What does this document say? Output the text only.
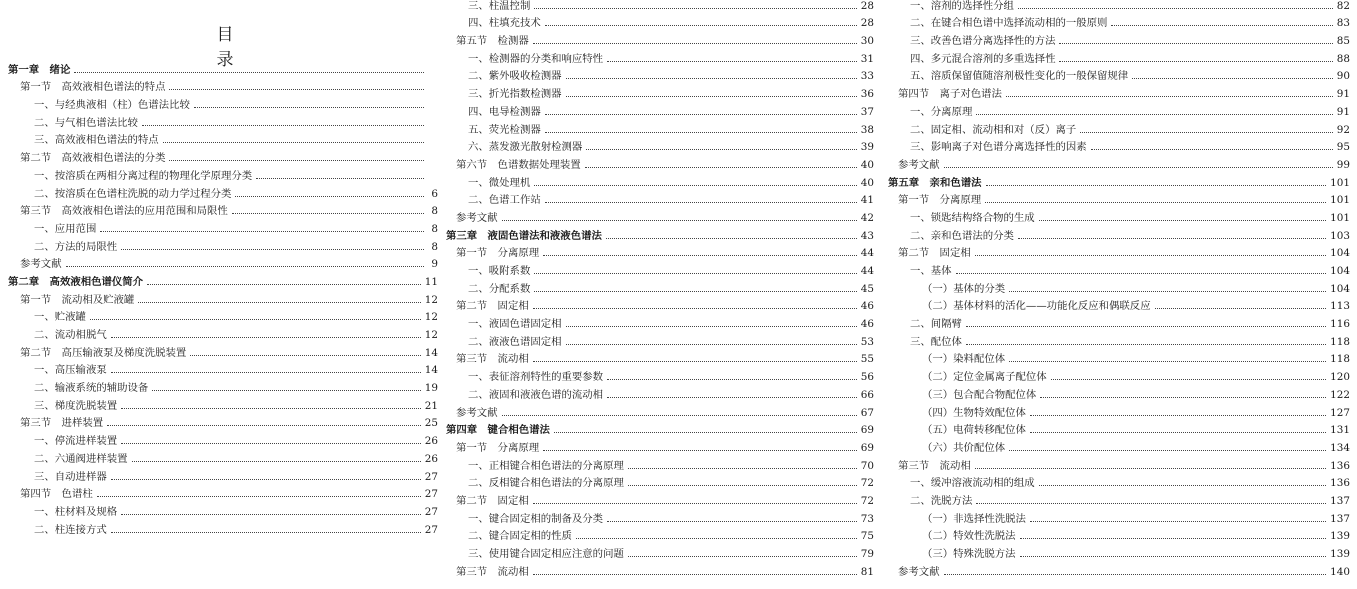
目 录
第一章　绪论
第一节　高效液相色谱法的特点
一、与经典液相（柱）色谱法比较
二、与气相色谱法比较
三、高效液相色谱法的特点
第二节　高效液相色谱法的分类
一、按溶质在两相分离过程的物理化学原理分类
二、按溶质在色谱柱洗脱的动力学过程分类	6
第三节　高效液相色谱法的应用范围和局限性	8
一、应用范围	8
二、方法的局限性	8
参考文献	9
第二章　高效液相色谱仪简介	11
第一节　流动相及贮液罐	12
一、贮液罐	12
二、流动相脱气	12
第二节　高压输液泵及梯度洗脱装置	14
一、高压输液泵	14
二、输液系统的辅助设备	19
三、梯度洗脱装置	21
第三节　进样装置	25
一、停流进样装置	26
二、六通阀进样装置	26
三、自动进样器	27
第四节　色谱柱	27
一、柱材料及规格	27
二、柱连接方式	27
三、柱温控制	28
四、柱填充技术	28
第五节　检测器	30
一、检测器的分类和响应特性	31
二、紫外吸收检测器	33
三、折光指数检测器	36
四、电导检测器	37
五、荧光检测器	38
六、蒸发激光散射检测器	39
第六节　色谱数据处理装置	40
一、微处理机	40
二、色谱工作站	41
参考文献	42
第三章　液固色谱法和液液色谱法	43
第一节　分离原理	44
一、吸附系数	44
二、分配系数	45
第二节　固定相	46
一、液固色谱固定相	46
二、液液色谱固定相	53
第三节　流动相	55
一、表征溶剂特性的重要参数	56
二、液固和液液色谱的流动相	66
参考文献	67
第四章　键合相色谱法	69
第一节　分离原理	69
一、正相键合相色谱法的分离原理	70
二、反相键合相色谱法的分离原理	72
第二节　固定相	72
一、键合固定相的制备及分类	73
二、键合固定相的性质	75
三、使用键合固定相应注意的问题	79
第三节　流动相	81
一、溶剂的选择性分组	82
二、在键合相色谱中选择流动相的一般原则	83
三、改善色谱分离选择性的方法	85
四、多元混合溶剂的多重选择性	88
五、溶质保留值随溶剂极性变化的一般保留规律	90
第四节　离子对色谱法	91
一、分离原理	91
二、固定相、流动相和对（反）离子	92
三、影响离子对色谱分离选择性的因素	95
参考文献	99
第五章　亲和色谱法	101
第一节　分离原理	101
一、锁匙结构络合物的生成	101
二、亲和色谱法的分类	103
第二节　固定相	104
一、基体	104
（一）基体的分类	104
（二）基体材料的活化——功能化反应和偶联反应	113
二、间隔臂	116
三、配位体	118
（一）染料配位体	118
（二）定位金属离子配位体	120
（三）包合配合物配位体	122
（四）生物特效配位体	127
（五）电荷转移配位体	131
（六）共价配位体	134
第三节　流动相	136
一、缓冲溶液流动相的组成	136
二、洗脱方法	137
（一）非选择性洗脱法	137
（二）特效性洗脱法	139
（三）特殊洗脱方法	139
参考文献	140
